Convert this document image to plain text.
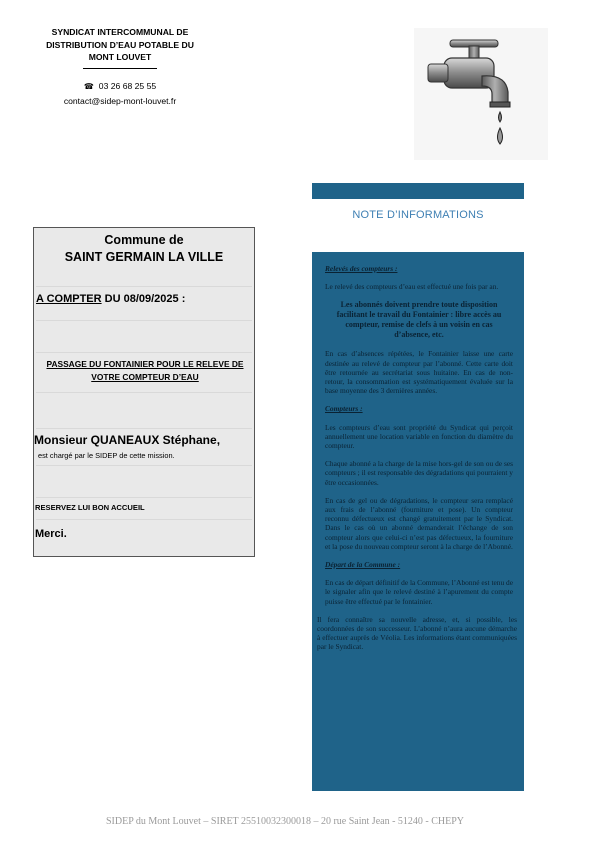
SYNDICAT INTERCOMMUNAL DE
DISTRIBUTION D’EAU POTABLE DU
MONT LOUVET
☎ 03 26 68 25 55
contact@sidep-mont-louvet.fr
NOTE D’INFORMATIONS
Relevés des compteurs :

Le relevé des compteurs d’eau est effectué une fois par an.

Les abonnés doivent prendre toute disposition facilitant le travail du Fontainier : libre accès au compteur, remise de clefs à un voisin en cas d’absence, etc.

En cas d’absences répétées, le Fontainier laisse une carte destinée au relevé de compteur par l’abonné. Cette carte doit être retournée au secrétariat sous huitaine. En cas de non-retour, la consommation est systématiquement évaluée sur la base moyenne des 3 dernières années.

Compteurs :

Les compteurs d’eau sont propriété du Syndicat qui perçoit annuellement une location variable en fonction du diamètre du compteur.

Chaque abonné a la charge de la mise hors-gel de son ou de ses compteurs ; il est responsable des dégradations qui pourraient y être occasionnées.

En cas de gel ou de dégradations, le compteur sera remplacé aux frais de l’abonné (fourniture et pose). Un compteur reconnu défectueux est changé gratuitement par le Syndicat. Dans le cas où un abonné demanderait l’échange de son compteur alors que celui-ci n’est pas défectueux, la fourniture et la pose du nouveau compteur seront à la charge de l’Abonné.

Départ de la Commune :

En cas de départ définitif de la Commune, l’Abonné est tenu de le signaler afin que le relevé destiné à l’apurement du compte puisse être effectué par le fontainier.

Il fera connaître sa nouvelle adresse, et, si possible, les coordonnées de son successeur. L’abonné n’aura aucune démarche à effectuer auprès de Véolia. Les informations étant communiquées par le Syndicat.

Commune de
SAINT GERMAIN LA VILLE
A COMPTER DU 08/09/2025 :
PASSAGE DU FONTAINIER POUR LE RELEVE DE
VOTRE COMPTEUR D’EAU
Monsieur QUANEAUX Stéphane,
est chargé par le SIDEP de cette mission.
RESERVEZ LUI BON ACCUEIL
Merci.
SIDEP du Mont Louvet – SIRET 25510032300018 – 20 rue Saint Jean - 51240 - CHEPY
